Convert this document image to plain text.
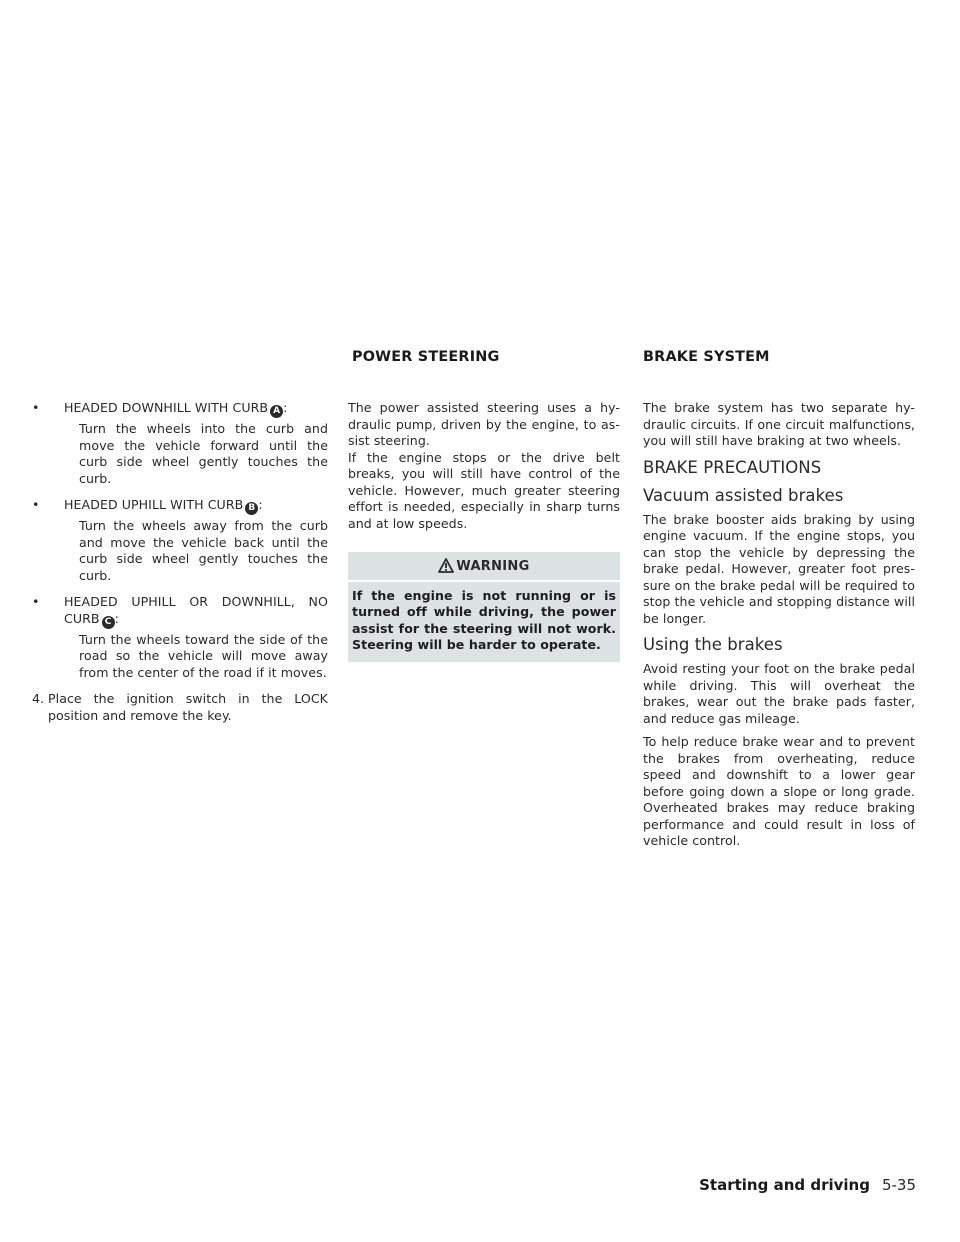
POWER STEERING	BRAKE SYSTEM
•	HEADED DOWNHILL WITH CURB A :
Turn the wheels into the curb and move the vehicle forward until the curb side wheel gently touches the curb.
•	HEADED UPHILL WITH CURB B :
Turn the wheels away from the curb and move the vehicle back until the curb side wheel gently touches the curb.
•	HEADED UPHILL OR DOWNHILL, NO CURB C :
Turn the wheels toward the side of the road so the vehicle will move away from the center of the road if it moves.
4. Place the ignition switch in the LOCK position and remove the key.

The power assisted steering uses a hy- draulic pump, driven by the engine, to as- sist steering.

If the engine stops or the drive belt breaks, you will still have control of the vehicle. However, much greater steering effort is needed, especially in sharp turns and at low speeds.

WARNING
If the engine is not running or is turned off while driving, the power assist for the steering will not work. Steering will be harder to operate.

The brake system has two separate hy- draulic circuits. If one circuit malfunctions, you will still have braking at two wheels.

BRAKE PRECAUTIONS
Vacuum assisted brakes

The brake booster aids braking by using engine vacuum. If the engine stops, you can stop the vehicle by depressing the brake pedal. However, greater foot pres- sure on the brake pedal will be required to stop the vehicle and stopping distance will be longer.

Using the brakes

Avoid resting your foot on the brake pedal while driving. This will overheat the brakes, wear out the brake pads faster, and reduce gas mileage.

To help reduce brake wear and to prevent the brakes from overheating, reduce speed and downshift to a lower gear before going down a slope or long grade. Overheated brakes may reduce braking performance and could result in loss of vehicle control.

Starting and driving 5-35
